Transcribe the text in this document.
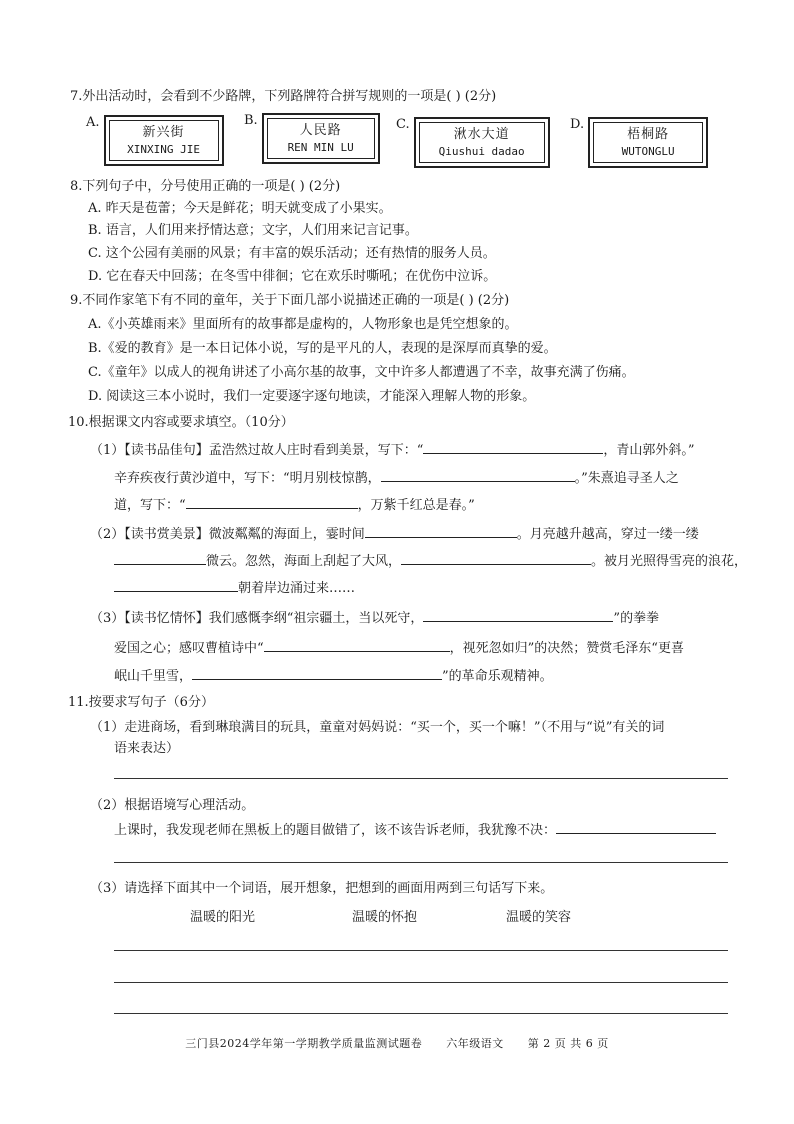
7.外出活动时，会看到不少路牌，下列路牌符合拼写规则的一项是( ) (2分)
A.
新兴街
XINXING JIE
B.
人民路
REN MIN LU
C.
湫水大道
Qiushui dadao
D.
梧桐路
WUTONGLU
8.下列句子中，分号使用正确的一项是( ) (2分)
A. 昨天是苞蕾；今天是鲜花；明天就变成了小果实。
B. 语言，人们用来抒情达意；文字，人们用来记言记事。
C. 这个公园有美丽的风景；有丰富的娱乐活动；还有热情的服务人员。
D. 它在春天中回荡；在冬雪中徘徊；它在欢乐时嘶吼；在优伤中泣诉。
9.不同作家笔下有不同的童年，关于下面几部小说描述正确的一项是( ) (2分)
A.《小英雄雨来》里面所有的故事都是虚构的，人物形象也是凭空想象的。
B.《爱的教育》是一本日记体小说，写的是平凡的人，表现的是深厚而真挚的爱。
C.《童年》以成人的视角讲述了小高尔基的故事，文中许多人都遭遇了不幸，故事充满了伤痛。
D. 阅读这三本小说时，我们一定要逐字逐句地读，才能深入理解人物的形象。
10.根据课文内容或要求填空。（10分）
（1）【读书品佳句】孟浩然过故人庄时看到美景，写下：“	，青山郭外斜。”
辛弃疾夜行黄沙道中，写下：“明月别枝惊鹊，	。”朱熹追寻圣人之
道，写下：“	，万紫千红总是春。”
（2）【读书赏美景】微波粼粼的海面上，霎时间	。月亮越升越高，穿过一缕一缕
微云。忽然，海面上刮起了大风，	。被月光照得雪亮的浪花，
朝着岸边涌过来……
（3）【读书忆情怀】我们感慨李纲“祖宗疆土，当以死守，	”的拳拳
爱国之心；感叹曹植诗中“	，视死忽如归”的决然；赞赏毛泽东“更喜
岷山千里雪，	”的革命乐观精神。
11.按要求写句子（6分）
（1）走进商场，看到琳琅满目的玩具，童童对妈妈说：“买一个，买一个嘛！”（不用与“说”有关的词
语来表达）
（2）根据语境写心理活动。
上课时，我发现老师在黑板上的题目做错了，该不该告诉老师，我犹豫不决：
（3）请选择下面其中一个词语，展开想象，把想到的画面用两到三句话写下来。
温暖的阳光	温暖的怀抱	温暖的笑容
三门县2024学年第一学期教学质量监测试题卷 六年级语文 第 2 页 共 6 页
